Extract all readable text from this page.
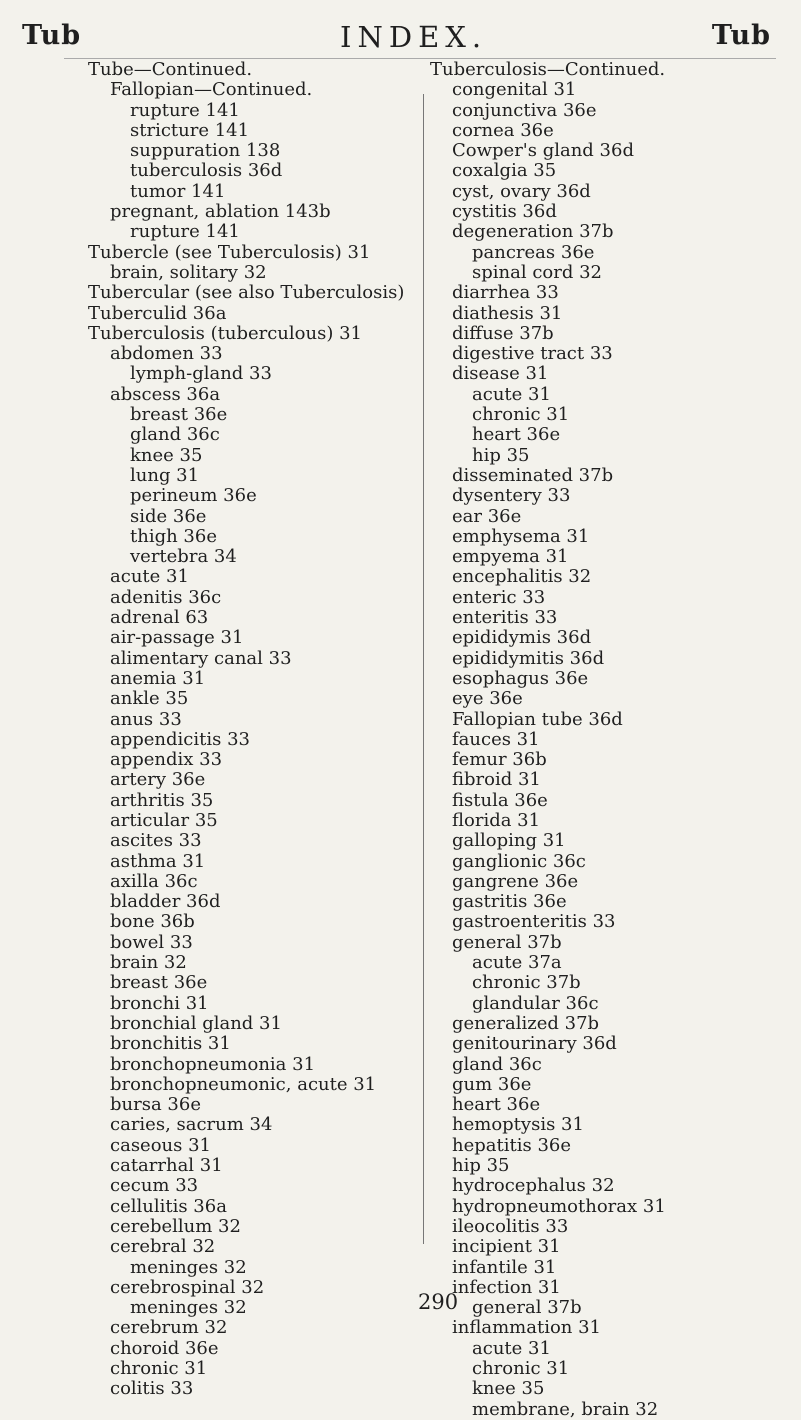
Tub	INDEX.	Tub
Tube—Continued.
Fallopian—Continued.
rupture 141
stricture 141
suppuration 138
tuberculosis 36d
tumor 141
pregnant, ablation 143b
rupture 141
Tubercle (see Tuberculosis) 31
brain, solitary 32
Tubercular (see also Tuberculosis)
Tuberculid 36a
Tuberculosis (tuberculous) 31
abdomen 33
lymph-gland 33
abscess 36a
breast 36e
gland 36c
knee 35
lung 31
perineum 36e
side 36e
thigh 36e
vertebra 34
acute 31
adenitis 36c
adrenal 63
air-passage 31
alimentary canal 33
anemia 31
ankle 35
anus 33
appendicitis 33
appendix 33
artery 36e
arthritis 35
articular 35
ascites 33
asthma 31
axilla 36c
bladder 36d
bone 36b
bowel 33
brain 32
breast 36e
bronchi 31
bronchial gland 31
bronchitis 31
bronchopneumonia 31
bronchopneumonic, acute 31
bursa 36e
caries, sacrum 34
caseous 31
catarrhal 31
cecum 33
cellulitis 36a
cerebellum 32
cerebral 32
meninges 32
cerebrospinal 32
meninges 32
cerebrum 32
choroid 36e
chronic 31
colitis 33
Tuberculosis—Continued.
congenital 31
conjunctiva 36e
cornea 36e
Cowper's gland 36d
coxalgia 35
cyst, ovary 36d
cystitis 36d
degeneration 37b
pancreas 36e
spinal cord 32
diarrhea 33
diathesis 31
diffuse 37b
digestive tract 33
disease 31
acute 31
chronic 31
heart 36e
hip 35
disseminated 37b
dysentery 33
ear 36e
emphysema 31
empyema 31
encephalitis 32
enteric 33
enteritis 33
epididymis 36d
epididymitis 36d
esophagus 36e
eye 36e
Fallopian tube 36d
fauces 31
femur 36b
fibroid 31
fistula 36e
florida 31
galloping 31
ganglionic 36c
gangrene 36e
gastritis 36e
gastroenteritis 33
general 37b
acute 37a
chronic 37b
glandular 36c
generalized 37b
genitourinary 36d
gland 36c
gum 36e
heart 36e
hemoptysis 31
hepatitis 36e
hip 35
hydrocephalus 32
hydropneumothorax 31
ileocolitis 33
incipient 31
infantile 31
infection 31
general 37b
inflammation 31
acute 31
chronic 31
knee 35
membrane, brain 32
290
